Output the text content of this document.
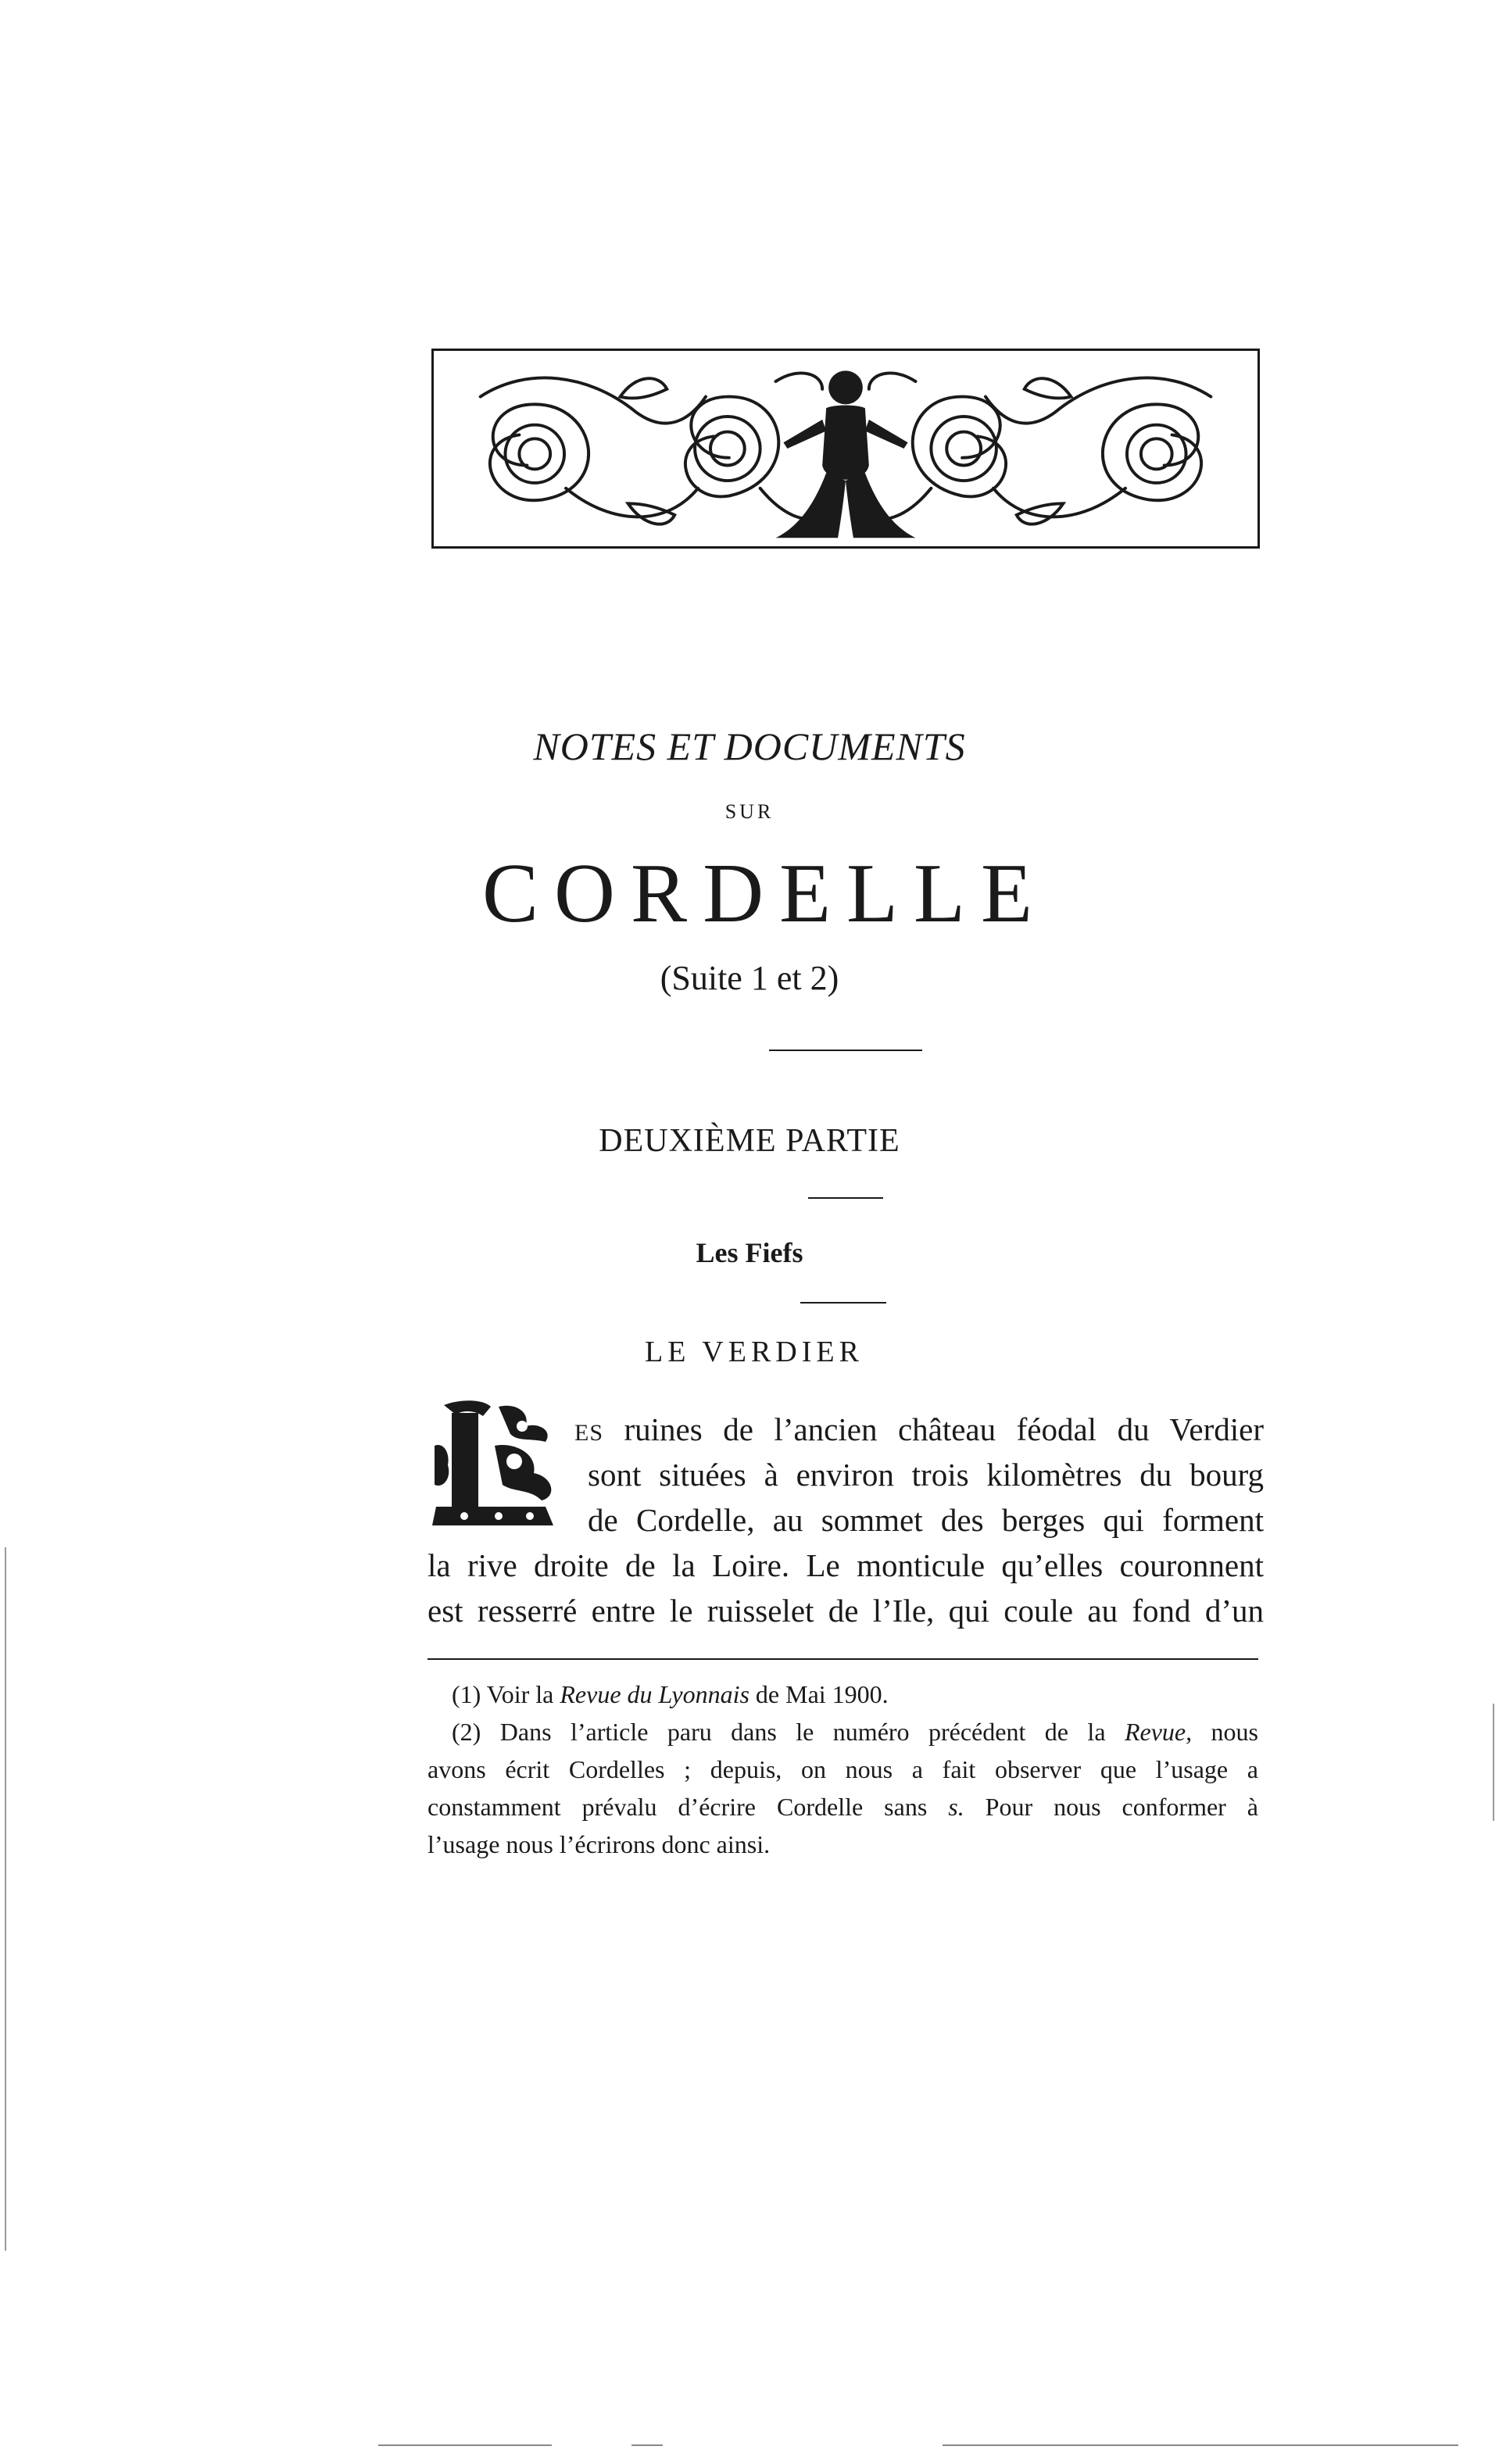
NOTES ET DOCUMENTS
SUR
CORDELLE
(Suite 1 et 2)
DEUXIÈME PARTIE
Les Fiefs
LE VERDIER
L
ES ruines de l’ancien château féodal du Verdier
sont situées à environ trois kilomètres du bourg
de Cordelle, au sommet des berges qui forment
la rive droite de la Loire. Le monticule qu’elles couronnent
est resserré entre le ruisselet de l’Ile, qui coule au fond d’un
(1) Voir la Revue du Lyonnais de Mai 1900.
(2) Dans l’article paru dans le numéro précédent de la Revue, nous
avons écrit Cordelles ; depuis, on nous a fait observer que l’usage a
constamment prévalu d’écrire Cordelle sans s. Pour nous conformer à
l’usage nous l’écrirons donc ainsi.
